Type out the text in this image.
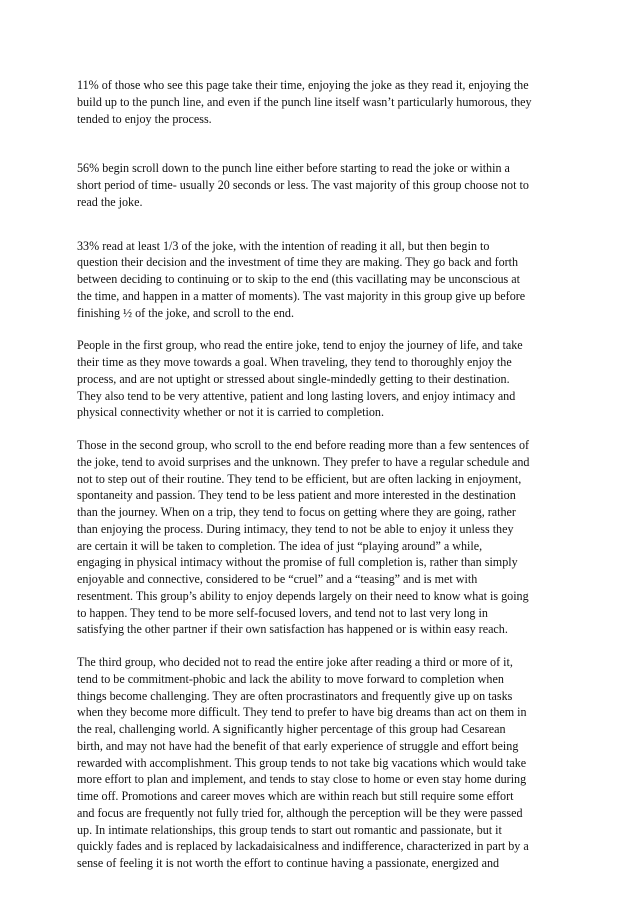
11% of those who see this page take their time, enjoying the joke as they read it, enjoying the
build up to the punch line, and even if the punch line itself wasn’t particularly humorous, they
tended to enjoy the process.

56% begin scroll down to the punch line either before starting to read the joke or within a
short period of time- usually 20 seconds or less. The vast majority of this group choose not to
read the joke.

33% read at least 1/3 of the joke, with the intention of reading it all, but then begin to
question their decision and the investment of time they are making. They go back and forth
between deciding to continuing or to skip to the end (this vacillating may be unconscious at
the time, and happen in a matter of moments). The vast majority in this group give up before
finishing ½ of the joke, and scroll to the end.

People in the first group, who read the entire joke, tend to enjoy the journey of life, and take
their time as they move towards a goal. When traveling, they tend to thoroughly enjoy the
process, and are not uptight or stressed about single-mindedly getting to their destination.
They also tend to be very attentive, patient and long lasting lovers, and enjoy intimacy and
physical connectivity whether or not it is carried to completion.

Those in the second group, who scroll to the end before reading more than a few sentences of
the joke, tend to avoid surprises and the unknown. They prefer to have a regular schedule and
not to step out of their routine. They tend to be efficient, but are often lacking in enjoyment,
spontaneity and passion. They tend to be less patient and more interested in the destination
than the journey. When on a trip, they tend to focus on getting where they are going, rather
than enjoying the process. During intimacy, they tend to not be able to enjoy it unless they
are certain it will be taken to completion. The idea of just “playing around” a while,
engaging in physical intimacy without the promise of full completion is, rather than simply
enjoyable and connective, considered to be “cruel” and a “teasing” and is met with
resentment. This group’s ability to enjoy depends largely on their need to know what is going
to happen. They tend to be more self-focused lovers, and tend not to last very long in
satisfying the other partner if their own satisfaction has happened or is within easy reach.

The third group, who decided not to read the entire joke after reading a third or more of it,
tend to be commitment-phobic and lack the ability to move forward to completion when
things become challenging. They are often procrastinators and frequently give up on tasks
when they become more difficult. They tend to prefer to have big dreams than act on them in
the real, challenging world. A significantly higher percentage of this group had Cesarean
birth, and may not have had the benefit of that early experience of struggle and effort being
rewarded with accomplishment. This group tends to not take big vacations which would take
more effort to plan and implement, and tends to stay close to home or even stay home during
time off. Promotions and career moves which are within reach but still require some effort
and focus are frequently not fully tried for, although the perception will be they were passed
up. In intimate relationships, this group tends to start out romantic and passionate, but it
quickly fades and is replaced by lackadaisicalness and indifference, characterized in part by a
sense of feeling it is not worth the effort to continue having a passionate, energized and
